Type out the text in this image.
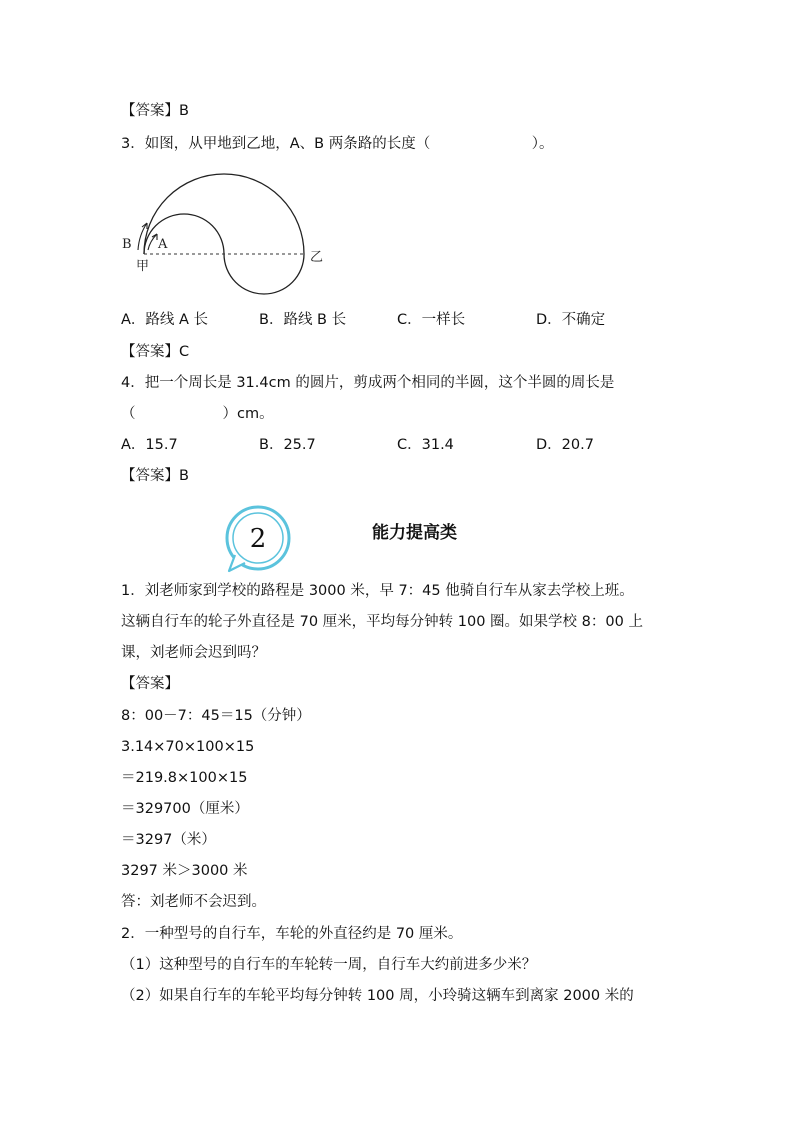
【答案】B
3．如图，从甲地到乙地，A、B 两条路的长度（　　　　　　　）。
B A
甲
乙
A．路线 A 长	B．路线 B 长	C．一样长	D．不确定
【答案】C
4．把一个周长是 31.4cm 的圆片，剪成两个相同的半圆，这个半圆的周长是
（　　　　　　）cm。
A．15.7	B．25.7	C．31.4	D．20.7
【答案】B
2	能力提高类
1．刘老师家到学校的路程是 3000 米，早 7：45 他骑自行车从家去学校上班。
这辆自行车的轮子外直径是 70 厘米，平均每分钟转 100 圈。如果学校 8：00 上
课，刘老师会迟到吗？
【答案】
8：00－7：45＝15（分钟）
3.14×70×100×15
＝219.8×100×15
＝329700（厘米）
＝3297（米）
3297 米＞3000 米
答：刘老师不会迟到。
2．一种型号的自行车，车轮的外直径约是 70 厘米。
（1）这种型号的自行车的车轮转一周，自行车大约前进多少米？
（2）如果自行车的车轮平均每分钟转 100 周，小玲骑这辆车到离家 2000 米的
